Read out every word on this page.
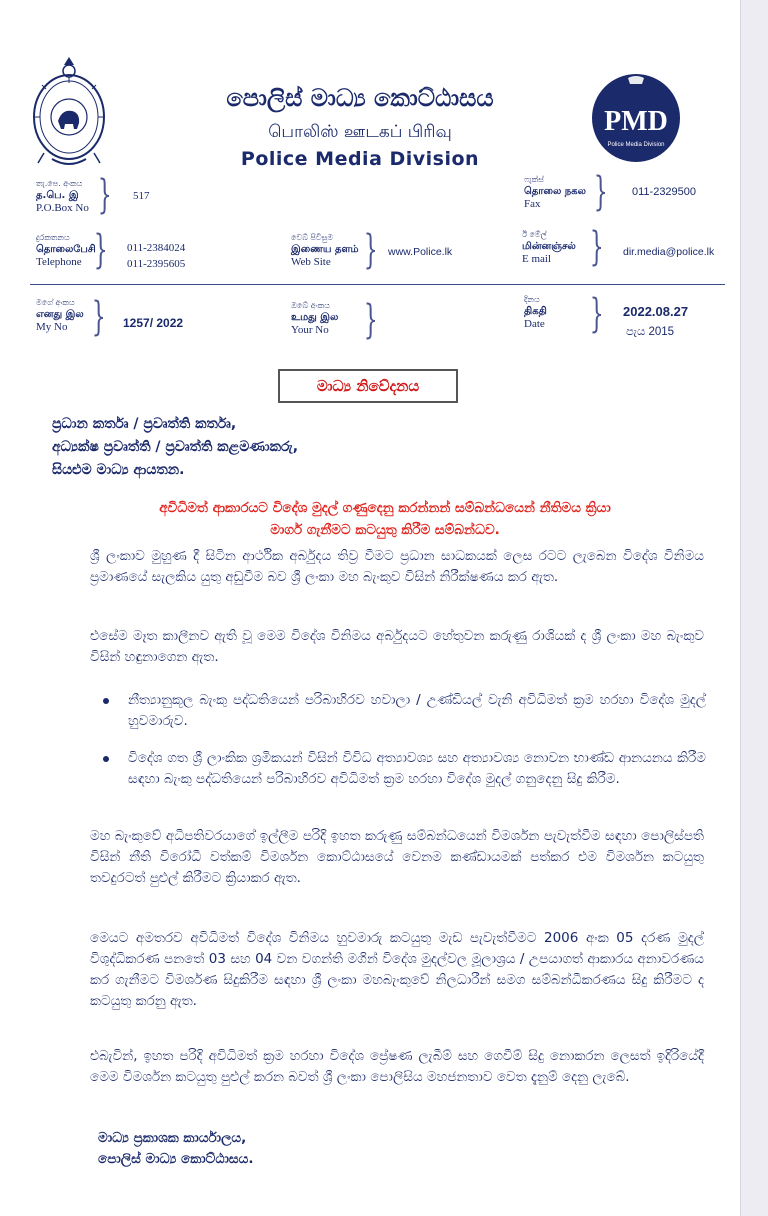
පොලිස් මාධ්‍ය කොට්ඨාසය
பொலிஸ் ஊடகப் பிரிவு
Police Media Division
PMD
Police Media Division
තැ.පෙ. අංකය
த.பெ. இ
P.O.Box No } 517
ෆැක්ස්
தொலை நகல
Fax	} 011-2329500
දුරකතනය
தொலைபேசி
Telephone } 011-2384024
011-2395605
වෙබ් පිවිසුම
இணைய தளம்
Web Site } www.Police.lk
ඊ මේල්
மின்னஞ்சல்
E mail } dir.media@police.lk
මගේ අංකය
எனது இல
My No } 1257/ 2022
ඔබේ අංකය
உமது இல
Your No }	දිනය
திகதி
Date } 2022.08.27
පැය 2015
මාධ්‍ය නිවේදනය
ප්‍රධාන කර්තෘ / ප්‍රවෘත්ති කර්තෘ,
අධ්‍යක්ෂ ප්‍රවෘත්ති / ප්‍රවෘත්ති කළමණාකරු,
සියළුම මාධ්‍ය ආයතන.
අවිධිමත් ආකාරයට විදේශ මුදල් ගණුදෙනු කරන්නන් සම්බන්ධයෙන් නීතිමය ක්‍රියා
මාර්ග ගැනීමට කටයුතු කිරීම සම්බන්ධව.
ශ්‍රී ලංකාව මුහුණ දී සිටින ආර්ථික අර්බුදය තිව්‍ර වීමට ප්‍රධාන සාධකයක් ලෙස රටට ලැබෙන විදේශ විනිමය ප්‍රමාණයේ සැලකිය යුතු අඩුවීම බව ශ්‍රී ලංකා මහ බැංකුව විසින් නිරීක්ෂණය කර ඇත.
එසේම මෑත කාලීනව ඇති වූ මෙම විදේශ විනිමය අර්බුදයට හේතුවන කරුණු රාශියක් ද ශ්‍රී ලංකා මහ බැංකුව විසින් හඳුනාගෙන ඇත.
නීත්‍යානුකූල බැංකු පද්ධතියෙන් පරිබාහිරව හවාලා / උණ්ඩියල් වැනි අවිධිමත් ක්‍රම හරහා විදේශ මුදල් හුවමාරුව.
විදේශ ගත ශ්‍රී ලාංකික ශ්‍රමිකයන් විසින් විවිධ අත්‍යාවශ්‍ය සහ අත්‍යාවශ්‍ය නොවන භාණ්ඩ ආනයනය කිරීම සඳහා බැංකු පද්ධතියෙන් පරිබාහිරව අවිධිමත් ක්‍රම හරහා විදේශ මුදල් ගනුදෙනු සිදු කිරීම.
මහ බැංකුවේ අධිපතිවරයාගේ ඉල්ලීම පරිදි ඉහත කරුණු සම්බන්ධයෙන් විමර්ශන පැවැත්වීම සඳහා පොලිස්පති විසින් නීති විරෝධී වත්කම් විමර්ශන කොට්ඨාසයේ වෙනම කණ්ඩායමක් පත්කර එම විමර්ශන කටයුතු තවදුරටත් පුළුල් කිරීමට ක්‍රියාකර ඇත.
මෙයට අමතරව අවිධිමත් විදේශ විනිමය හුවමාරු කටයුතු මැඩ පැවැත්වීමට 2006 අංක 05 දරණ මුදල් විශුද්ධිකරණ පනතේ 03 සහ 04 වන වගන්ති මගින් විදේශ මුදල්වල මූලාශ්‍රය / උපයාගත් ආකාරය අනාවරණය කර ගැනීමට විමර්ශණ සිදුකිරීම සඳහා ශ්‍රී ලංකා මහබැංකුවේ නිලධාරීන් සමග සම්බන්ධීකරණය සිදු කිරීමට ද කටයුතු කරනු ඇත.
එබැවින්, ඉහත පරිදි අවිධිමත් ක්‍රම හරහා විදේශ ප්‍රේෂණ ලැබීම් සහ ගෙවීම් සිදු නොකරන ලෙසත් ඉදිරියේදී මෙම විමර්ශන කටයුතු පුළුල් කරන බවත් ශ්‍රී ලංකා පොලිසිය මහජනතාව වෙත දැනුම් දෙනු ලැබේ.
මාධ්‍ය ප්‍රකාශක කාර්යාලය,
පොලිස් මාධ්‍ය කොට්ඨාසය.
